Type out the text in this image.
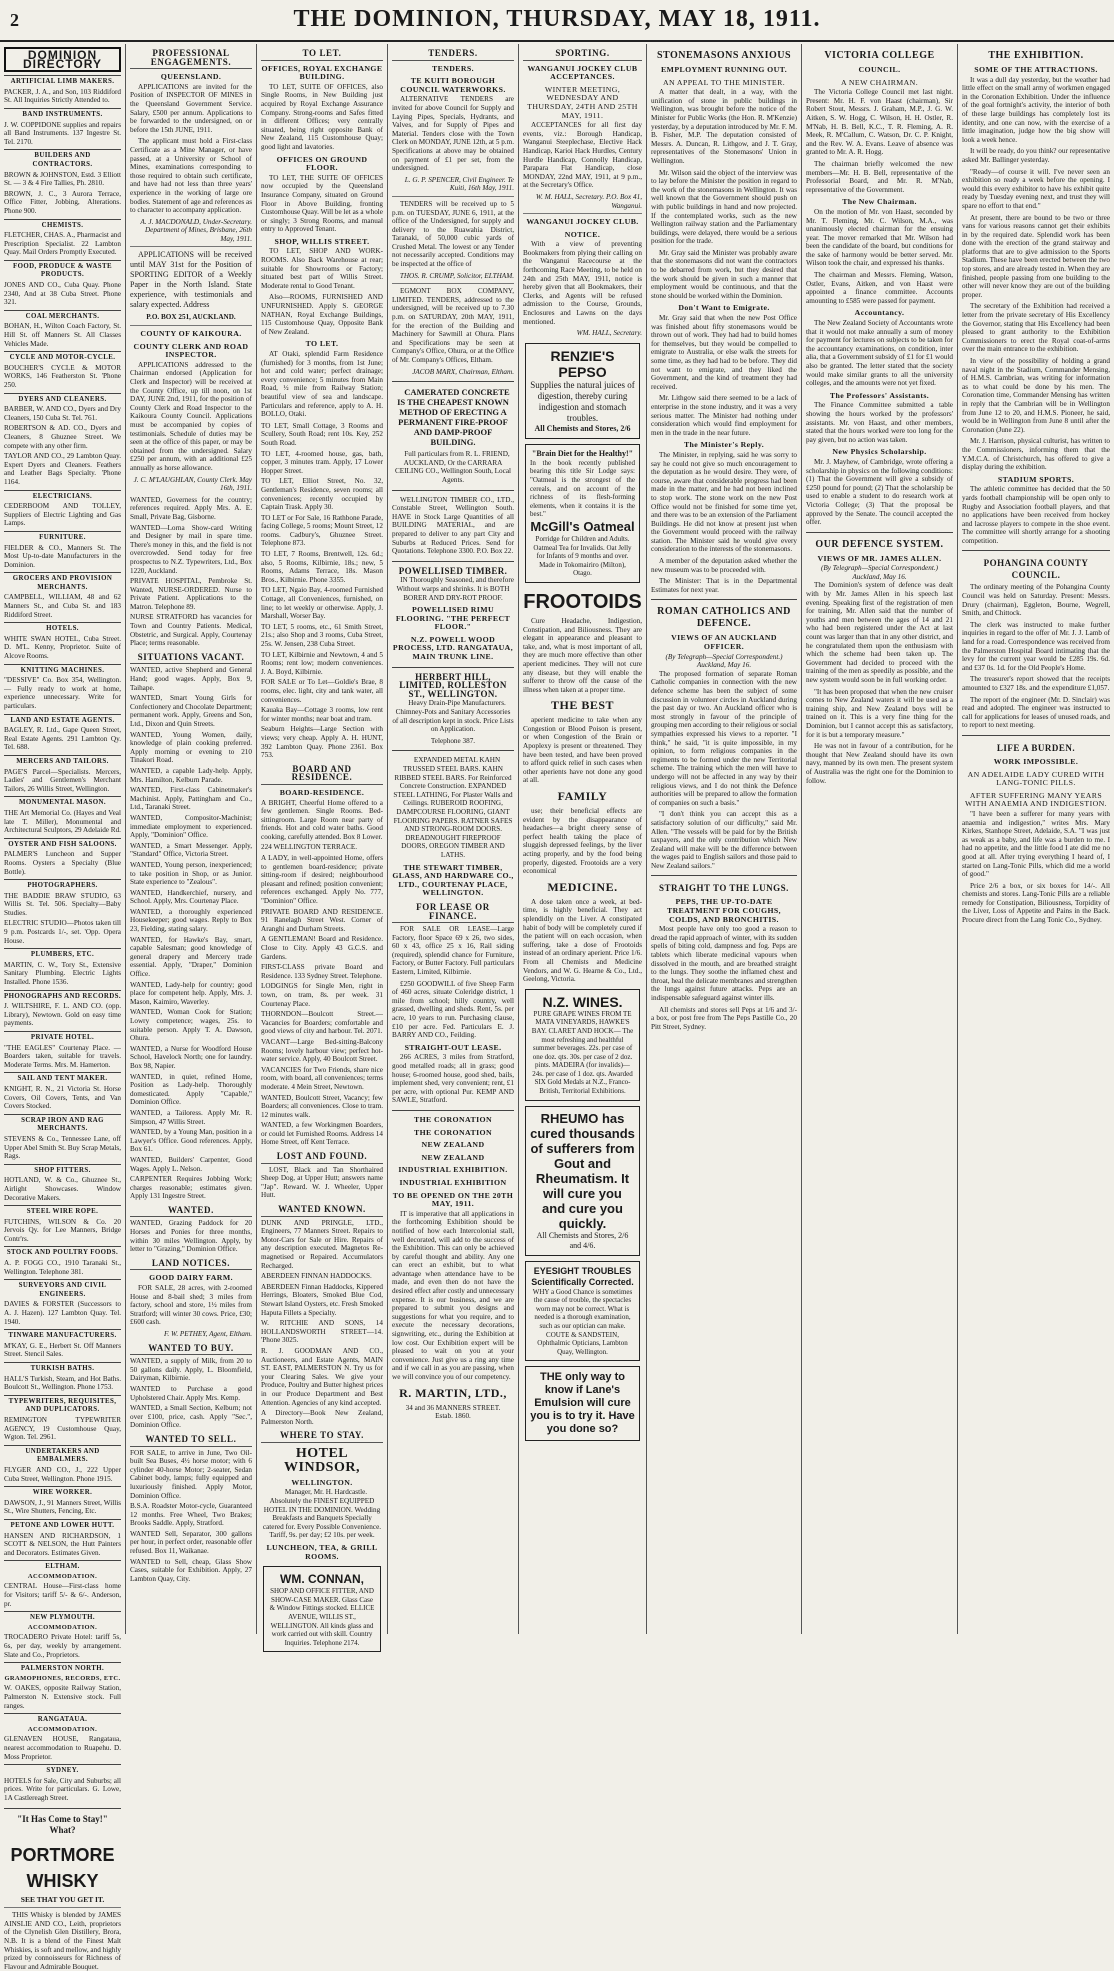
2	THE DOMINION, THURSDAY, MAY 18, 1911.
DOMINION DIRECTORY
ARTIFICIAL LIMB MAKERS.
PACKER, J. A., and Son, 103 Riddiford St. All Inquiries Strictly Attended to.
BAND INSTRUMENTS.
J. W. COPPIDONE supplies and repairs all Band Instruments. 137 Ingestre St. Tel. 2170.
BUILDERS AND CONTRACTORS.
BROWN & JOHNSTON, Estd. 3 Elliott St. — 3 & 4 Fire Tallies, Ph. 2810.
BROWN, J. C., 3 Aurora Terrace, Office Fitter, Jobbing, Alterations. Phone 900.
CHEMISTS.
FLETCHER, CHAS. A., Pharmacist and Prescription Specialist. 22 Lambton Quay. Mail Orders Promptly Executed.
FOOD, PRODUCE & WASTE PRODUCTS.
JONES AND CO., Cuba Quay. Phone 2340, And at 38 Cuba Street. Phone 321.
COAL MERCHANTS.
BOHAN, H., Wilton Coach Factory, St. Hill St. off Manners St. All Classes Vehicles Made.
CYCLE AND MOTOR-CYCLE.
BOUCHER'S CYCLE & MOTOR WORKS, 146 Featherston St. 'Phone 250.
DYERS AND CLEANERS.
BARBER, W. AND CO., Dyers and Dry Cleaners, 150 Cuba St. Tel. 761.
ROBERTSON & AD. CO., Dyers and Cleaners, 8 Ghuznee Street. We compete with any other firm.
TAYLOR AND CO., 29 Lambton Quay. Expert Dyers and Cleaners. Feathers and Leather Bags Specialty. 'Phone 1164.
ELECTRICIANS.
CEDERBOOM AND TOLLEY, Suppliers of Electric Lighting and Gas Lamps.
FURNITURE.
FIELDER & CO., Manners St. The Most Up-to-date Manufacturers in the Dominion.
GROCERS AND PROVISION MERCHANTS.
CAMPBELL, WILLIAM, 48 and 62 Manners St., and Cuba St. and 183 Riddiford Street.
HOTELS.
WHITE SWAN HOTEL, Cuba Street. D. M'L. Kenny, Proprietor. Suite of Alcove Rooms.
KNITTING MACHINES.
"DESSIVE" Co. Box 354, Wellington. — Fully ready to work at home, experience unnecessary. Write for particulars.
LAND AND ESTATE AGENTS.
BAGLEY, R. Ltd., Gape Queen Street, Real Estate Agents. 291 Lambton Qy. Tel. 688.
MERCERS AND TAILORS.
PAGE'S Parcel—Specialists. Mercers, Ladies' and Gentlemen's Merchant Tailors, 26 Willis Street, Wellington.
MONUMENTAL MASON.
THE Art Memorial Co. (Hayes and Veal late T. Miller), Monumental and Architectural Sculptors, 29 Adelaide Rd.
OYSTER AND FISH SALOONS.
PALMER'S Luncheon and Supper Rooms. Oysters a Specialty (Blue Bottle).
PHOTOGRAPHERS.
THE BADDIE BRAW STUDIO, 63 Willis St. Tel. 506. Specialty—Baby Studies.
ELECTRIC STUDIO—Photos taken till 9 p.m. Postcards 1/-, set. 'Opp. Opera House.
PLUMBERS, ETC.
MARTIN, C. W., Tory St., Extensive Sanitary Plumbing. Electric Lights Installed. Phone 1536.
PHONOGRAPHS AND RECORDS.
J. WILTSHIRE, F. L. AND CO. (opp. Library), Newtown. Gold on easy time payments.
PRIVATE HOTEL.
"THE EAGLES" Courtenay Place. — Boarders taken, suitable for travels. Moderate Terms. Mrs. M. Hamerton.
SAIL AND TENT MAKER.
KNIGHT, R. N., 21 Victoria St. Horse Covers, Oil Covers, Tents, and Van Covers Stocked.
SCRAP IRON AND RAG MERCHANTS.
STEVENS & Co., Tennessee Lane, off Upper Abel Smith St. Buy Scrap Metals, Rags.
SHOP FITTERS.
HOTLAND, W. & Co., Ghuznee St., Airlight Showcases. Window Decorative Makers.
STEEL WIRE ROPE.
FUTCHINS, WILSON & Co. 20 Jervois Qy. for Lee Manners, Bridge Contr'rs.
STOCK AND POULTRY FOODS.
A. P. FOGG CO., 1910 Taranaki St., Wellington. Telephone 381.
SURVEYORS AND CIVIL ENGINEERS.
DAVIES & FORSTER (Successors to A. J. Hazen). 127 Lambton Quay. Tel. 1940.
TINWARE MANUFACTURERS.
M'KAY, G. E., Herbert St. Off Manners Street. Stencil Sales.
TURKISH BATHS.
HALL'S Turkish, Steam, and Hot Baths. Boulcott St., Wellington. Phone 1753.
TYPEWRITERS, REQUISITES, AND DUPLICATORS.
REMINGTON TYPEWRITER AGENCY, 19 Customhouse Quay, Wgton. Tel. 2961.
UNDERTAKERS AND EMBALMERS.
FLYGER AND CO., J., 222 Upper Cuba Street, Wellington. Phone 1915.
WIRE WORKER.
DAWSON, J., 91 Manners Street, Willis St., Wire Shutters, Fencing, Etc.
PETONE AND LOWER HUTT.
HANSEN AND RICHARDSON, 1 SCOTT & NELSON, the Hutt Painters and Decorators. Estimates Given.
ELTHAM.
ACCOMMODATION.
CENTRAL House—First-class home for Visitors; tariff 5/- & 6/-. Anderson, pr.
NEW PLYMOUTH.
ACCOMMODATION.
TROCADERO Private Hotel: tariff 5s, 6s, per day, weekly by arrangement. Slate and Co., Proprietors.
PALMERSTON NORTH.
GRAMOPHONES, RECORDS, ETC.
W. OAKES, opposite Railway Station, Palmerston N. Extensive stock. Full ranges.
RANGATAUA.
ACCOMMODATION.
GLENAVEN HOUSE, Rangataua, nearest accommodation to Ruapehu. D. Moss Proprietor.
SYDNEY.
HOTELS for Sale, City and Suburbs; all prices. Write for particulars. G. Lowe, 1A Castlereagh Street.
"It Has Come to Stay!" What?
PORTMORE
WHISKY
SEE THAT YOU GET IT.
THIS Whisky is blended by JAMES AINSLIE AND CO., Leith, proprietors of the Clynelish Glen Distillery, Brora, N.B. It is a blend of the Finest Malt Whiskies, is soft and mellow, and highly prized by connoisseurs for Richness of Flavour and Admirable Bouquet.
PROFESSIONAL ENGAGEMENTS.
QUEENSLAND.
APPLICATIONS are invited for the Position of INSPECTOR OF MINES in the Queensland Government Service. Salary, £500 per annum. Applications to be forwarded to the undersigned, on or before the 15th JUNE, 1911.
The applicant must hold a First-class Certificate as a Mine Manager, or have passed, at a University or School of Mines, examinations corresponding to those required to obtain such certificate, and have had not less than three years' experience in the working of large ore bodies. Statement of age and references as to character to accompany application.
A. J. MACDONALD, Under-Secretary. Department of Mines, Brisbane, 26th May, 1911.
APPLICATIONS will be received until MAY 31st for the Position of SPORTING EDITOR of a Weekly Paper in the North Island. State experience, with testimonials and salary expected. Address
P.O. BOX 251, AUCKLAND.
COUNTY OF KAIKOURA.
COUNTY CLERK AND ROAD INSPECTOR.
APPLICATIONS addressed to the Chairman endorsed (Application for Clerk and Inspector) will be received at the County Office, up till noon, on 1st DAY, JUNE 2nd, 1911, for the position of County Clerk and Road Inspector to the Kaikoura County Council. Applications must be accompanied by copies of testimonials. Schedule of duties may be seen at the office of this paper, or may be obtained from the undersigned. Salary £250 per annum, with an additional £25 annually as horse allowance.
J. C. M'LAUGHLAN, County Clerk. May 16th, 1911.
WANTED, Governess for the country; references required. Apply Mrs. A. E. Small, Private Bag, Gisborne.
WANTED—Lorna Show-card Writing and Designer by mail in spare time. There's money in this, and the field is not overcrowded. Send today for free prospectus to N.Z. Typewriters, Ltd., Box 1220, Auckland.
PRIVATE HOSPITAL, Pembroke St. Wanted, NURSE-ORDERED. Nurse to Private Patient. Applications to the Matron. Telephone 89.
NURSE STRATFORD has vacancies for Town and Country Patients. Medical, Obstetric, and Surgical. Apply, Courtenay Place; terms reasonable.
SITUATIONS VACANT.
WANTED, active Shepherd and General Hand; good wages. Apply, Box 9, Taihape.
WANTED, Smart Young Girls for Confectionery and Chocolate Department; permanent work. Apply, Greens and Son, Ltd., Dixon and Quin Streets.
WANTED, Young Women, daily, knowledge of plain cooking preferred. Apply morning or evening to 210 Tinakori Road.
WANTED, a capable Lady-help. Apply, Mrs. Hamilton, Kelburn Parade.
WANTED, First-class Cabinetmaker's Machinist. Apply, Pattingham and Co., Ltd., Taranaki Street.
WANTED, Compositor-Machinist; immediate employment to experienced. Apply, "Dominion" Office.
WANTED, a Smart Messenger. Apply, "Standard" Office, Victoria Street.
WANTED, Young person, inexperienced; to take position in Shop, or as Junior. State experience to "Zealous".
WANTED, Handkerchief, nursery, and School. Apply, Mrs. Courtenay Place.
WANTED, a thoroughly experienced Housekeeper; good wages. Reply to Box 23, Fielding, stating salary.
WANTED, for Hawke's Bay, smart, capable Salesman; good knowledge of general drapery and Mercery trade essential. Apply, "Draper," Dominion Office.
WANTED, Lady-help for country; good place for competent help. Apply, Mrs. J. Mason, Kaimiro, Waverley.
WANTED, Woman Cook for Station; Lowry competence; wages, 25s. to suitable person. Apply T. A. Dawson, Ohura.
WANTED, a Nurse for Woodford House School, Havelock North; one for laundry. Box 98, Napier.
WANTED, in quiet, refined Home, Position as Lady-help. Thoroughly domesticated. Apply "Capable," Dominion Office.
WANTED, a Tailoress. Apply Mr. R. Simpson, 47 Willis Street.
WANTED, by a Young Man, position in a Lawyer's Office. Good references. Apply, Box 61.
WANTED, Builders' Carpenter, Good Wages. Apply L. Nelson.
CARPENTER Requires Jobbing Work; charges reasonable; estimates given. Apply 131 Ingestre Street.
WANTED.
WANTED, Grazing Paddock for 20 Horses and Ponies for three months, within 30 miles Wellington. Apply, by letter to "Grazing," Dominion Office.
LAND NOTICES.
GOOD DAIRY FARM.
FOR SALE, 28 acres, with 2-roomed House and 8-bail shed; 3 miles from factory, school and store, 1½ miles from Stratford; will winter 30 cows. Price, £30; £600 cash.
F. W. PETHEY, Agent, Eltham.
WANTED TO BUY.
WANTED, a supply of Milk, from 20 to 50 gallons daily. Apply, L. Bloomfield, Dairyman, Kilbirnie.
WANTED to Purchase a good Upholstered Chair. Apply Mrs. Kemp.
WANTED, a Small Section, Kelburn; not over £100, price, cash. Apply "Sec.", Dominion Office.
WANTED TO SELL.
FOR SALE, to arrive in June, Two Oil-built Sea Buses, 4½ horse motor; with 6 cylinder 40-horse Motor; 2-seater, Sedan Cabinet body, lamps; fully equipped and luxuriously finished. Apply Motor, Dominion Office.
B.S.A. Roadster Motor-cycle, Guaranteed 12 months. Free Wheel, Two Brakes; Brooks Saddle. Apply, Stratford.
WANTED Sell, Separator, 300 gallons per hour, in perfect order, reasonable offer refused. Box 11, Waikanae.
WANTED to Sell, cheap, Glass Show Cases, suitable for Exhibition. Apply, 27 Lambton Quay, City.
TO LET.
OFFICES, ROYAL EXCHANGE BUILDING.
TO LET, SUITE OF OFFICES, also Single Rooms, in New Building just acquired by Royal Exchange Assurance Company. Strong-rooms and Safes fitted in different Offices; very centrally situated, being right opposite Bank of New Zealand, 115 Customhouse Quay; good light and lavatories.
OFFICES ON GROUND FLOOR.
TO LET, THE SUITE OF OFFICES now occupied by the Queensland Insurance Company, situated on Ground Floor in Above Building, fronting Customhouse Quay. Will be let as a whole or singly; 3 Strong Rooms, and manual entry to Approved Tenant.
SHOP, WILLIS STREET.
TO LET, SHOP AND WORK-ROOMS. Also Back Warehouse at rear; suitable for Showrooms or Factory; situated best part of Willis Street. Moderate rental to Good Tenant.
Also—ROOMS, FURNISHED AND UNFURNISHED. Apply S. GEORGE NATHAN, Royal Exchange Buildings, 115 Customhouse Quay, Opposite Bank of New Zealand.
TO LET.
AT Otaki, splendid Farm Residence (furnished) for 3 months, from 1st June; hot and cold water; perfect drainage; every convenience; 5 minutes from Main Road, ½ mile from Railway Station; beautiful view of sea and landscape. Particulars and reference, apply to A. H. BOLLO, Otaki.
TO LET, Small Cottage, 3 Rooms and Scullery, South Road; rent 10s. Key, 252 South Road.
TO LET, 4-roomed house, gas, bath, copper, 3 minutes tram. Apply, 17 Lower Hopper Street.
TO LET, Elliot Street, No. 32, Gentleman's Residence, seven rooms; all conveniences; recently occupied by Captain Trask. Apply 30.
TO LET or For Sale, 16 Rathbone Parade, facing College, 5 rooms; Mount Street, 12 rooms. Cadbury's, Ghuznee Street. Telephone 873.
TO LET, 7 Rooms, Brentwell, 12s. 6d.; also, 5 Rooms, Kilbirnie, 18s.; new, 5 Rooms, Adams Terrace, 18s. Mason Bros., Kilbirnie. Phone 3355.
TO LET, Ngaio Bay, 4-roomed Furnished Cottage, all Conveniences, furnished, on line; to let weekly or otherwise. Apply, J. Marshall, Worser Bay.
TO LET, 5 rooms, etc., 61 Smith Street, 21s.; also Shop and 3 rooms, Cuba Street, 25s. W. Jensen, 238 Cuba Street.
TO LET, Kilbirnie and Newtown, 4 and 5 Rooms; rent low; modern conveniences. J. A. Boyd, Kilbirnie.
FOR SALE or To Let—Goldie's Brae, 8 rooms, elec. light, city and tank water, all conveniences.
Kauaka Bay—Cottage 3 rooms, low rent for winter months; near boat and tram.
Seaburn Heights—Large Section with views; very cheap. Apply A. H. HUNT, 392 Lambton Quay. Phone 2361. Box 753.
BOARD AND RESIDENCE.
BOARD-RESIDENCE.
A BRIGHT, Cheerful Home offered to a few gentlemen. Single Rooms. Bed-sittingroom. Large Room near party of friends. Hot and cold water baths. Good cooking, carefully attended. Box 8 Lower.
224 WELLINGTON TERRACE.
A LADY, in well-appointed Home, offers to gentlemen board-residence; private sitting-room if desired; neighbourhood pleasant and refined; position convenient; references exchanged. Apply No. 777, "Dominion" Office.
PRIVATE BOARD AND RESIDENCE. 91 Ranelagh Street West. Corner of Aranghi and Durham Streets.
A GENTLEMAN! Board and Residence. Close to City. Apply 43 G.C.S. and Gardens.
FIRST-CLASS private Board and Residence. 133 Sydney Street. Telephone.
LODGINGS for Single Men, right in town, on tram, 8s. per week. 31 Courtenay Place.
THORNDON—Boulcott Street.—Vacancies for Boarders; comfortable and good views of city and harbour. Tel. 2071.
VACANT—Large Bed-sitting-Balcony Rooms; lovely harbour view; perfect hot-water service. Apply, 40 Boulcott Street.
VACANCIES for Two Friends, share nice room, with board, all conveniences; terms moderate. 4 Mein Street, Newtown.
WANTED, Boulcott Street, Vacancy; few Boarders; all conveniences. Close to tram. 12 minutes walk.
WANTED, a few Workingmen Boarders, or could let Furnished Rooms. Address 14 Home Street, off Kent Terrace.
LOST AND FOUND.
LOST, Black and Tan Shorthaired Sheep Dog, at Upper Hutt; answers name "Jap". Reward. W. J. Wheeler, Upper Hutt.
WANTED KNOWN.
DUNK AND PRINGLE, LTD., Engineers, 77 Manners Street. Repairs to Motor-Cars for Sale or Hire. Repairs of any description executed. Magnetos Re-magnetised or Repaired. Accumulators Recharged.
ABERDEEN FINNAN HADDOCKS.
ABERDEEN Finnan Haddocks, Kippered Herrings, Bloaters, Smoked Blue Cod, Stewart Island Oysters, etc. Fresh Smoked Haputa Fillets a Specialty.
W. RITCHIE AND SONS, 14 HOLLANDSWORTH STREET—14. 'Phone 3025.
R. J. GOODMAN AND CO., Auctioneers, and Estate Agents, MAIN ST. EAST, PALMERSTON N. Try us for your Clearing Sales. We give your Produce, Poultry and Butter highest prices in our Produce Department and Best Attention. Agencies of any kind accepted.
A Directory—Book New Zealand, Palmerston North.
WHERE TO STAY.
HOTEL WINDSOR,
WELLINGTON.
Manager, Mr. H. Hardcastle. Absolutely the FINEST EQUIPPED HOTEL IN THE DOMINION. Wedding Breakfasts and Banquets Specially catered for. Every Possible Convenience. Tariff, 9s. per day; £2 10s. per week.
LUNCHEON, TEA, & GRILL ROOMS.
WM. CONNAN,
SHOP AND OFFICE FITTER, AND SHOW-CASE MAKER. Glass Case & Window Fittings stocked. ELLICE AVENUE, WILLIS ST., WELLINGTON. All kinds glass and work carried out with skill. Country Inquiries. Telephone 2174.
TENDERS.
TENDERS.
TE KUITI BOROUGH COUNCIL WATERWORKS.
ALTERNATIVE TENDERS are invited for above Council for Supply and Laying Pipes, Specials, Hydrants, and Valves, and for Supply of Pipes and Material. Tenders close with the Town Clerk on MONDAY, JUNE 12th, at 5 p.m. Specifications at above may be obtained on payment of £1 per set, from the undersigned.
L. G. P. SPENCER, Civil Engineer. Te Kuiti, 16th May, 1911.
TENDERS will be received up to 5 p.m. on TUESDAY, JUNE 6, 1911, at the office of the Undersigned, for supply and delivery to the Ruawahia District, Taranaki, of 50,000 cubic yards of Crushed Metal. The lowest or any Tender not necessarily accepted. Conditions may be inspected at the office of
THOS. R. CRUMP, Solicitor, ELTHAM.
EGMONT BOX COMPANY, LIMITED. TENDERS, addressed to the undersigned, will be received up to 7.30 p.m. on SATURDAY, 20th MAY, 1911, for the erection of the Building and Machinery for Sawmill at Ohura. Plans and Specifications may be seen at Company's Office, Ohura, or at the Office of Mr. Company's Offices, Eltham.
JACOB MARX, Chairman, Eltham.
CAMERATED CONCRETE IS THE CHEAPEST KNOWN METHOD OF ERECTING A PERMANENT FIRE-PROOF AND DAMP-PROOF BUILDING.
Full particulars from R. L. FRIEND, AUCKLAND, Or the CARRARA CEILING CO., Wellington South, Local Agents.
WELLINGTON TIMBER CO., LTD., Constable Street, Wellington South. HAVE in Stock Large Quantities of all BUILDING MATERIAL, and are prepared to deliver to any part City and Suburbs at Reduced Prices. Send for Quotations. Telephone 3300. P.O. Box 22.
POWELLISED TIMBER.
IN Thoroughly Seasoned, and therefore Without warps and shrinks. It is BOTH BORER AND DRY-ROT PROOF.
POWELLISED RIMU FLOORING. "THE PERFECT FLOOR."
N.Z. POWELL WOOD PROCESS, LTD. RANGATAUA, MAIN TRUNK LINE.
HERBERT HILL, LIMITED, ROLLESTON ST., WELLINGTON.
Heavy Drain-Pipe Manufacturers. Chimney-Pots and Sanitary Accessories of all description kept in stock. Price Lists on Application.
Telephone 387.
EXPANDED METAL KAHN TRUSSED STEEL BARS. KAHN RIBBED STEEL BARS. For Reinforced Concrete Construction. EXPANDED STEEL LATHING, For Plaster Walls and Ceilings. RUBEROID ROOFING, DAMPCOURSE FLOORING, GIANT FLOORING PAPERS. RATNER SAFES AND STRONG-ROOM DOORS. DREADNOUGHT FIREPROOF DOORS, OREGON TIMBER AND LATHS.
THE STEWART TIMBER, GLASS, AND HARDWARE CO., LTD., COURTENAY PLACE, WELLINGTON.
FOR LEASE OR FINANCE.
FOR SALE OR LEASE—Large Factory, floor Space 69 x 26, two sides, 60 x 43, office 25 x 16, Rail siding (required), splendid chance for Furniture, Factory, or Butter Factory. Full particulars Eastern, Limited, Kilbirnie.
£250 GOODWILL of five Sheep Farm of 460 acres, situate Coleridge district, 1 mile from school; hilly country, well grassed, dwelling and sheds. Rent, 5s. per acre, 10 years to run. Purchasing clause, £10 per acre. Fed. Particulars E. J. BARRY AND CO., Feilding.
STRAIGHT-OUT LEASE.
266 ACRES, 3 miles from Stratford, good metalled roads; all in grass; good house; 6-roomed house, good shed, bails, implement shed, very convenient; rent, £1 per acre, with optional Pur. KEMP AND SAWLE, Stratford.
THE CORONATION
THE CORONATION
NEW ZEALAND
NEW ZEALAND
INDUSTRIAL EXHIBITION.
INDUSTRIAL EXHIBITION
TO BE OPENED ON THE 20TH MAY, 1911.
IT is imperative that all applications in the forthcoming Exhibition should be notified of how each Intercolonial stall, well decorated, will add to the success of the Exhibition. This can only be achieved by careful thought and ability. Any one can erect an exhibit, but to what advantage when attendance have to be made, and even then do not have the desired effect after costly and unnecessary expense. It is our business, and we are prepared to submit you designs and suggestions for what you require, and to execute the necessary decorations, signwriting, etc., during the Exhibition at low cost. Our Exhibition expert will be pleased to wait on you at your convenience. Just give us a ring any time and if we call in as you are passing, when we will convince you of our competency.
R. MARTIN, LTD.,
34 and 36 MANNERS STREET.
Estab. 1860.
SPORTING.
WANGANUI JOCKEY CLUB ACCEPTANCES.
WINTER MEETING, WEDNESDAY AND THURSDAY, 24TH AND 25TH MAY, 1911.
ACCEPTANCES for all first day events, viz.: Borough Handicap, Wanganui Steeplechase, Elective Hack Handicap, Karioi Hack Hurdles, Century Hurdle Handicap, Connolly Handicap, Parapara Flat Handicap, close MONDAY, 22nd MAY, 1911, at 9 p.m., at the Secretary's Office.
W. M. HALL, Secretary. P.O. Box 41, Wanganui.
WANGANUI JOCKEY CLUB.
NOTICE.
With a view of preventing Bookmakers from plying their calling on the Wanganui Racecourse at the forthcoming Race Meeting, to be held on 24th and 25th MAY, 1911, notice is hereby given that all Bookmakers, their Clerks, and Agents will be refused admission to the Course, Grounds, Enclosures and Lawns on the days mentioned.
WM. HALL, Secretary.
RENZIE'S PEPSO
Supplies the natural juices of digestion, thereby curing indigestion and stomach troubles.
All Chemists and Stores, 2/6
"Brain Diet for the Healthy!"
In the book recently published bearing this title Sir Lodge says: "Oatmeal is the strongest of the cereals, and on account of the richness of its flesh-forming elements, when it contains it is the best."
McGill's Oatmeal
Porridge for Children and Adults. Oatmeal Tea for Invalids. Oat Jelly for Infants of 9 months and over. Made in Tokomairiro (Milton), Otago.
FROOTOIDS
Cure Headache, Indigestion, Constipation, and Biliousness. They are elegant in appearance and pleasant to take, and, what is most important of all, they are much more effective than other aperient medicines. They will not cure any disease, but they will enable the sufferer to throw off the cause of the illness when taken at a proper time.
THE BEST
aperient medicine to take when any Congestion or Blood Poison is present, or when Congestion of the Brain or Apoplexy is present or threatened. They have been tested, and have been proved to afford quick relief in such cases when other aperients have not done any good at all.
FAMILY
use; their beneficial effects are evident by the disappearance of headaches—a bright cheery sense of perfect health taking the place of sluggish depressed feelings, by the liver acting properly, and by the food being properly, digested. Frootoids are a very economical
MEDICINE.
A dose taken once a week, at bed-time, is highly beneficial. They act splendidly on the Liver. A constipated habit of body will be completely cured if the patient will on each occasion, when suffering, take a dose of Frootoids instead of an ordinary aperient. Price 1/6. From all Chemists and Medicine Vendors, and W. G. Hearne & Co., Ltd., Geelong, Victoria.
N.Z. WINES.
PURE GRAPE WINES FROM TE MATA VINEYARDS, HAWKE'S BAY. CLARET AND HOCK— The most refreshing and healthful summer beverages. 22s. per case of one doz. qts. 30s. per case of 2 doz. pints. MADEIRA (for invalids)— 24s. per case of 1 doz. qts. Awarded SIX Gold Medals at N.Z., Franco-British, Territorial Exhibitions.
RHEUMO has cured thousands of sufferers from Gout and Rheumatism. It will cure you and cure you quickly.
All Chemists and Stores, 2/6 and 4/6.
EYESIGHT TROUBLES Scientifically Corrected.
WHY a Good Chance is sometimes the cause of trouble, the spectacles worn may not be correct. What is needed is a thorough examination, such as our optician can make. COUTE & SANDSTEIN, Ophthalmic Opticians, Lambton Quay, Wellington.
THE only way to know if Lane's Emulsion will cure you is to try it. Have you done so?
STONEMASONS ANXIOUS
EMPLOYMENT RUNNING OUT.
AN APPEAL TO THE MINISTER.
A matter that dealt, in a way, with the unification of stone in public buildings in Wellington, was brought before the notice of the Minister for Public Works (the Hon. R. M'Kenzie) yesterday, by a deputation introduced by Mr. F. M. B. Fisher, M.P. The deputation consisted of Messrs. A. Duncan, R. Lithgow, and J. T. Gray, representatives of the Stonemasons' Union in Wellington.
Mr. Wilson said the object of the interview was to lay before the Minister the position in regard to the work of the stonemasons in Wellington. It was well known that the Government should push on with public buildings in hand and now projected. If the contemplated works, such as the new Wellington railway station and the Parliamentary buildings, were delayed, there would be a serious position for the trade.
Mr. Gray said the Minister was probably aware that the stonemasons did not want the contractors to be debarred from work, but they desired that the work should be given in such a manner that employment would be continuous, and that the stone should be worked within the Dominion.
Don't Want to Emigrate.
Mr. Gray said that when the new Post Office was finished about fifty stonemasons would be thrown out of work. They had had to build homes for themselves, but they would be compelled to emigrate to Australia, or else walk the streets for some time, as they had had to be before. They did not want to emigrate, and they liked the Government, and the kind of treatment they had received.
Mr. Lithgow said there seemed to be a lack of enterprise in the stone industry, and it was a very serious matter. The Minister had nothing under consideration which would find employment for men in the trade in the near future.
The Minister's Reply.
The Minister, in replying, said he was sorry to say he could not give so much encouragement to the deputation as he would desire. They were, of course, aware that considerable progress had been made in the matter, and he had not been inclined to stop work. The stone work on the new Post Office would not be finished for some time yet, and there was to be an extension of the Parliament Buildings. He did not know at present just when the Government would proceed with the railway station. The Minister said he would give every consideration to the interests of the stonemasons.
A member of the deputation asked whether the new museum was to be proceeded with.
The Minister: That is in the Departmental Estimates for next year.
ROMAN CATHOLICS AND DEFENCE.
VIEWS OF AN AUCKLAND OFFICER.
(By Telegraph—Special Correspondent.) Auckland, May 16.
The proposed formation of separate Roman Catholic companies in connection with the new defence scheme has been the subject of some discussion in volunteer circles in Auckland during the past day or two. An Auckland officer who is most strongly in favour of the principle of grouping men according to their religious or social sympathies expressed his views to a reporter. "I think," he said, "it is quite impossible, in my opinion, to form religious companies in the regiments to be formed under the new Territorial scheme. The training which the men will have to undergo will not be affected in any way by their religious views, and I do not think the Defence authorities will be prepared to allow the formation of companies on such a basis."
"I don't think you can accept this as a satisfactory solution of our difficulty," said Mr. Allen. "The vessels will be paid for by the British taxpayers, and the only contribution which New Zealand will make will be the difference between the wages paid to English sailors and those paid to New Zealand sailors."
STRAIGHT TO THE LUNGS.
PEPS, THE UP-TO-DATE TREATMENT FOR COUGHS, COLDS, AND BRONCHITIS.
Most people have only too good a reason to dread the rapid approach of winter, with its sudden spells of biting cold, dampness and fog. Peps are tablets which liberate medicinal vapours when dissolved in the mouth, and are breathed straight to the lungs. They soothe the inflamed chest and throat, heal the delicate membranes and strengthen the lungs against future attacks. Peps are an indispensable safeguard against winter ills.
All chemists and stores sell Peps at 1/6 and 3/- a box, or post free from The Peps Pastille Co., 20 Pitt Street, Sydney.
VICTORIA COLLEGE
COUNCIL.
A NEW CHAIRMAN.
The Victoria College Council met last night. Present: Mr. H. F. von Haast (chairman), Sir Robert Stout, Messrs. J. Graham, M.P., J. G. W. Aitken, S. W. Hogg, C. Wilson, H. H. Ostler, R. M'Nab, H. B. Bell, K.C., T. R. Fleming, A. R. Meek, R. M'Callum, C. Watson, Dr. C. P. Knight, and the Rev. W. A. Evans. Leave of absence was granted to Mr. A. R. Hogg.
The chairman briefly welcomed the new members—Mr. H. B. Bell, representative of the Professorial Board, and Mr. R. M'Nab, representative of the Government.
The New Chairman.
On the motion of Mr. von Haast, seconded by Mr. T. Fleming, Mr. C. Wilson, M.A., was unanimously elected chairman for the ensuing year. The mover remarked that Mr. Wilson had been the candidate of the board, but conditions for the sake of harmony would be better served. Mr. Wilson took the chair, and expressed his thanks.
The chairman and Messrs. Fleming, Watson, Ostler, Evans, Aitken, and von Haast were appointed a finance committee. Accounts amounting to £585 were passed for payment.
Accountancy.
The New Zealand Society of Accountants wrote that it would not make annually a sum of money for payment for lectures on subjects to be taken for the accountancy examinations, on condition, inter alia, that a Government subsidy of £1 for £1 would also be granted. The letter stated that the society would make similar grants to all the university colleges, and the amounts were not yet fixed.
The Professors' Assistants.
The Finance Committee submitted a table showing the hours worked by the professors' assistants. Mr. von Haast, and other members, stated that the hours worked were too long for the pay given, but no action was taken.
New Physics Scholarship.
Mr. J. Mayhew, of Cambridge, wrote offering a scholarship in physics on the following conditions: (1) That the Government will give a subsidy of £250 pound for pound; (2) That the scholarship be used to enable a student to do research work at Victoria College; (3) That the proposal be approved by the Senate. The council accepted the offer.
OUR DEFENCE SYSTEM.
VIEWS OF MR. JAMES ALLEN.
(By Telegraph—Special Correspondent.) Auckland, May 16.
The Dominion's system of defence was dealt with by Mr. James Allen in his speech last evening. Speaking first of the registration of men for training, Mr. Allen said that the number of youths and men between the ages of 14 and 21 who had been registered under the Act at last count was larger than that in any other district, and he congratulated them upon the enthusiasm with which the scheme had been taken up. The Government had decided to proceed with the training of the men as speedily as possible, and the new system would soon be in full working order.
"It has been proposed that when the new cruiser comes to New Zealand waters it will be used as a training ship, and New Zealand boys will be trained on it. This is a very fine thing for the Dominion, but I cannot accept this as satisfactory, for it is but a temporary measure."
He was not in favour of a contribution, for he thought that New Zealand should have its own navy, manned by its own men. The present system of Australia was the right one for the Dominion to follow.
THE EXHIBITION.
SOME OF THE ATTRACTIONS.
It was a dull day yesterday, but the weather had little effect on the small army of workmen engaged in the Coronation Exhibition. Under the influence of the goal fortnight's activity, the interior of both of these large buildings has completely lost its identity, and one can now, with the exercise of a little imagination, judge how the big show will look a week hence.
It will be ready, do you think? our representative asked Mr. Ballinger yesterday.
"Ready—of course it will. I've never seen an exhibition so ready a week before the opening. I would this every exhibitor to have his exhibit quite ready by Tuesday evening next, and trust they will spare no effort to that end."
At present, there are bound to be two or three vans for various reasons cannot get their exhibits in by the required date. Splendid work has been done with the erection of the grand stairway and platforms that are to give admission to the Sports Stadium. These have been erected between the two top stores, and are already tested in. When they are finished, people passing from one building to the other will never know they are out of the building proper.
The secretary of the Exhibition had received a letter from the private secretary of His Excellency the Governor, stating that His Excellency had been pleased to grant authority to the Exhibition Commissioners to erect the Royal coat-of-arms over the main entrance to the exhibition.
In view of the possibility of holding a grand naval night in the Stadium, Commander Mensing, of H.M.S. Cambrian, was writing for information as to what could be done by his men. The Coronation time, Commander Mensing has written in reply that the Cambrian will be in Wellington from June 12 to 20, and H.M.S. Pioneer, he said, would be in Wellington from June 8 until after the Coronation (June 22).
Mr. J. Harrison, physical culturist, has written to the Commissioners, informing them that the Y.M.C.A. of Christchurch, has offered to give a display during the exhibition.
STADIUM SPORTS.
The athletic committee has decided that the 50 yards football championship will be open only to Rugby and Association football players, and that no applications have been received from hockey and lacrosse players to compete in the shoe event. The committee will shortly arrange for a shooting competition.
POHANGINA COUNTY COUNCIL.
The ordinary meeting of the Pohangina County Council was held on Saturday. Present: Messrs. Drury (chairman), Eggleton, Bourne, Wegrell, Smith, and Chittock.
The clerk was instructed to make further inquiries in regard to the offer of Mr. J. J. Lamb of land for a road. Correspondence was received from the Palmerston Hospital Board intimating that the levy for the current year would be £285 19s. 6d. and £37 0s. 1d. for the Old People's Home.
The treasurer's report showed that the receipts amounted to £327 18s. and the expenditure £1,057.
The report of the engineer (Mr. D. Sinclair) was read and adopted. The engineer was instructed to call for applications for leases of unused roads, and to report to next meeting.
LIFE A BURDEN.
WORK IMPOSSIBLE.
AN ADELAIDE LADY CURED WITH LANG-TONIC PILLS.
AFTER SUFFERING MANY YEARS WITH ANAEMIA AND INDIGESTION.
"I have been a sufferer for many years with anaemia and indigestion," writes Mrs. Mary Kirkes, Stanhope Street, Adelaide, S.A. "I was just as weak as a baby, and life was a burden to me. I had no appetite, and the little food I ate did me no good at all. After trying everything I heard of, I started on Lang-Tonic Pills, which did me a world of good."
Price 2/6 a box, or six boxes for 14/-. All chemists and stores. Lang-Tonic Pills are a reliable remedy for Constipation, Biliousness, Torpidity of the Liver, Loss of Appetite and Pains in the Back. Procure direct from the Lang Tonic Co., Sydney.
